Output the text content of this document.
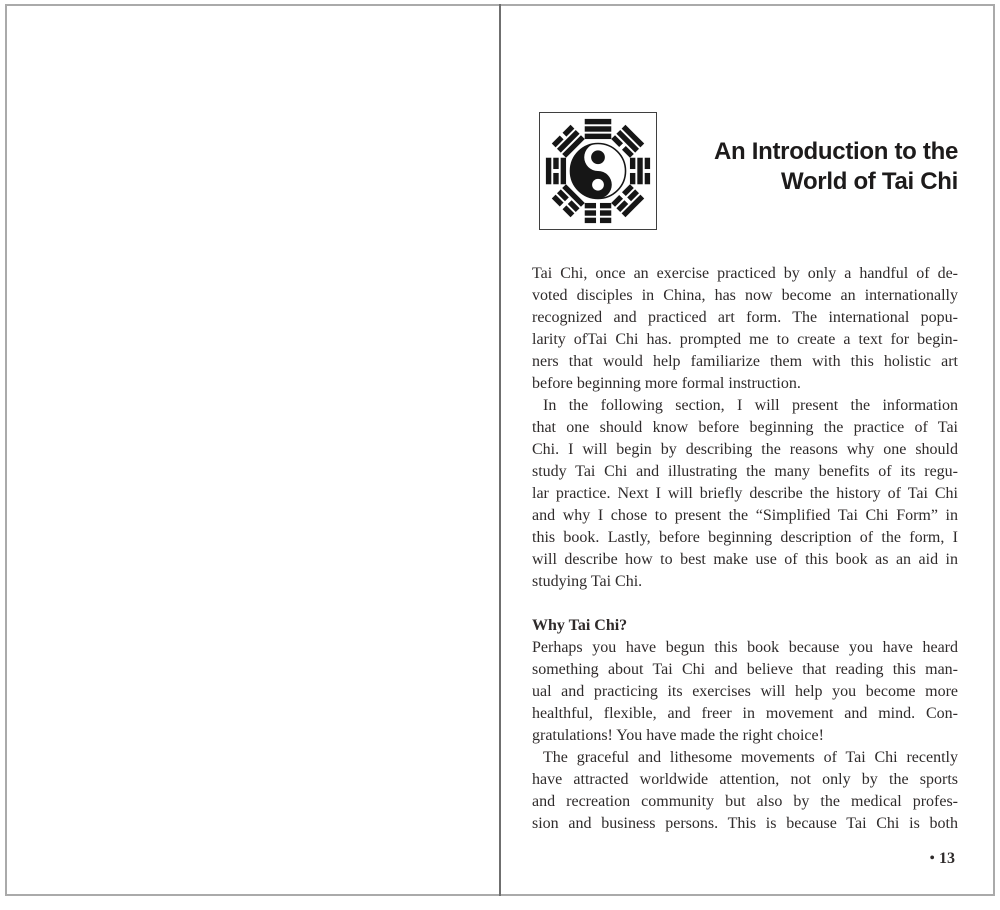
An Introduction to the
World of Tai Chi
Tai Chi, once an exercise practiced by only a handful of de-
voted disciples in China, has now become an internationally
recognized and practiced art form. The international popu-
larity ofTai Chi has. prompted me to create a text for begin-
ners that would help familiarize them with this holistic art
before beginning more formal instruction.
In the following section, I will present the information
that one should know before beginning the practice of Tai
Chi. I will begin by describing the reasons why one should
study Tai Chi and illustrating the many benefits of its regu-
lar practice. Next I will briefly describe the history of Tai Chi
and why I chose to present the “Simplified Tai Chi Form” in
this book. Lastly, before beginning description of the form, I
will describe how to best make use of this book as an aid in
studying Tai Chi.
Why Tai Chi?
Perhaps you have begun this book because you have heard
something about Tai Chi and believe that reading this man-
ual and practicing its exercises will help you become more
healthful, flexible, and freer in movement and mind. Con-
gratulations! You have made the right choice!
The graceful and lithesome movements of Tai Chi recently
have attracted worldwide attention, not only by the sports
and recreation community but also by the medical profes-
sion and business persons. This is because Tai Chi is both
• 13
